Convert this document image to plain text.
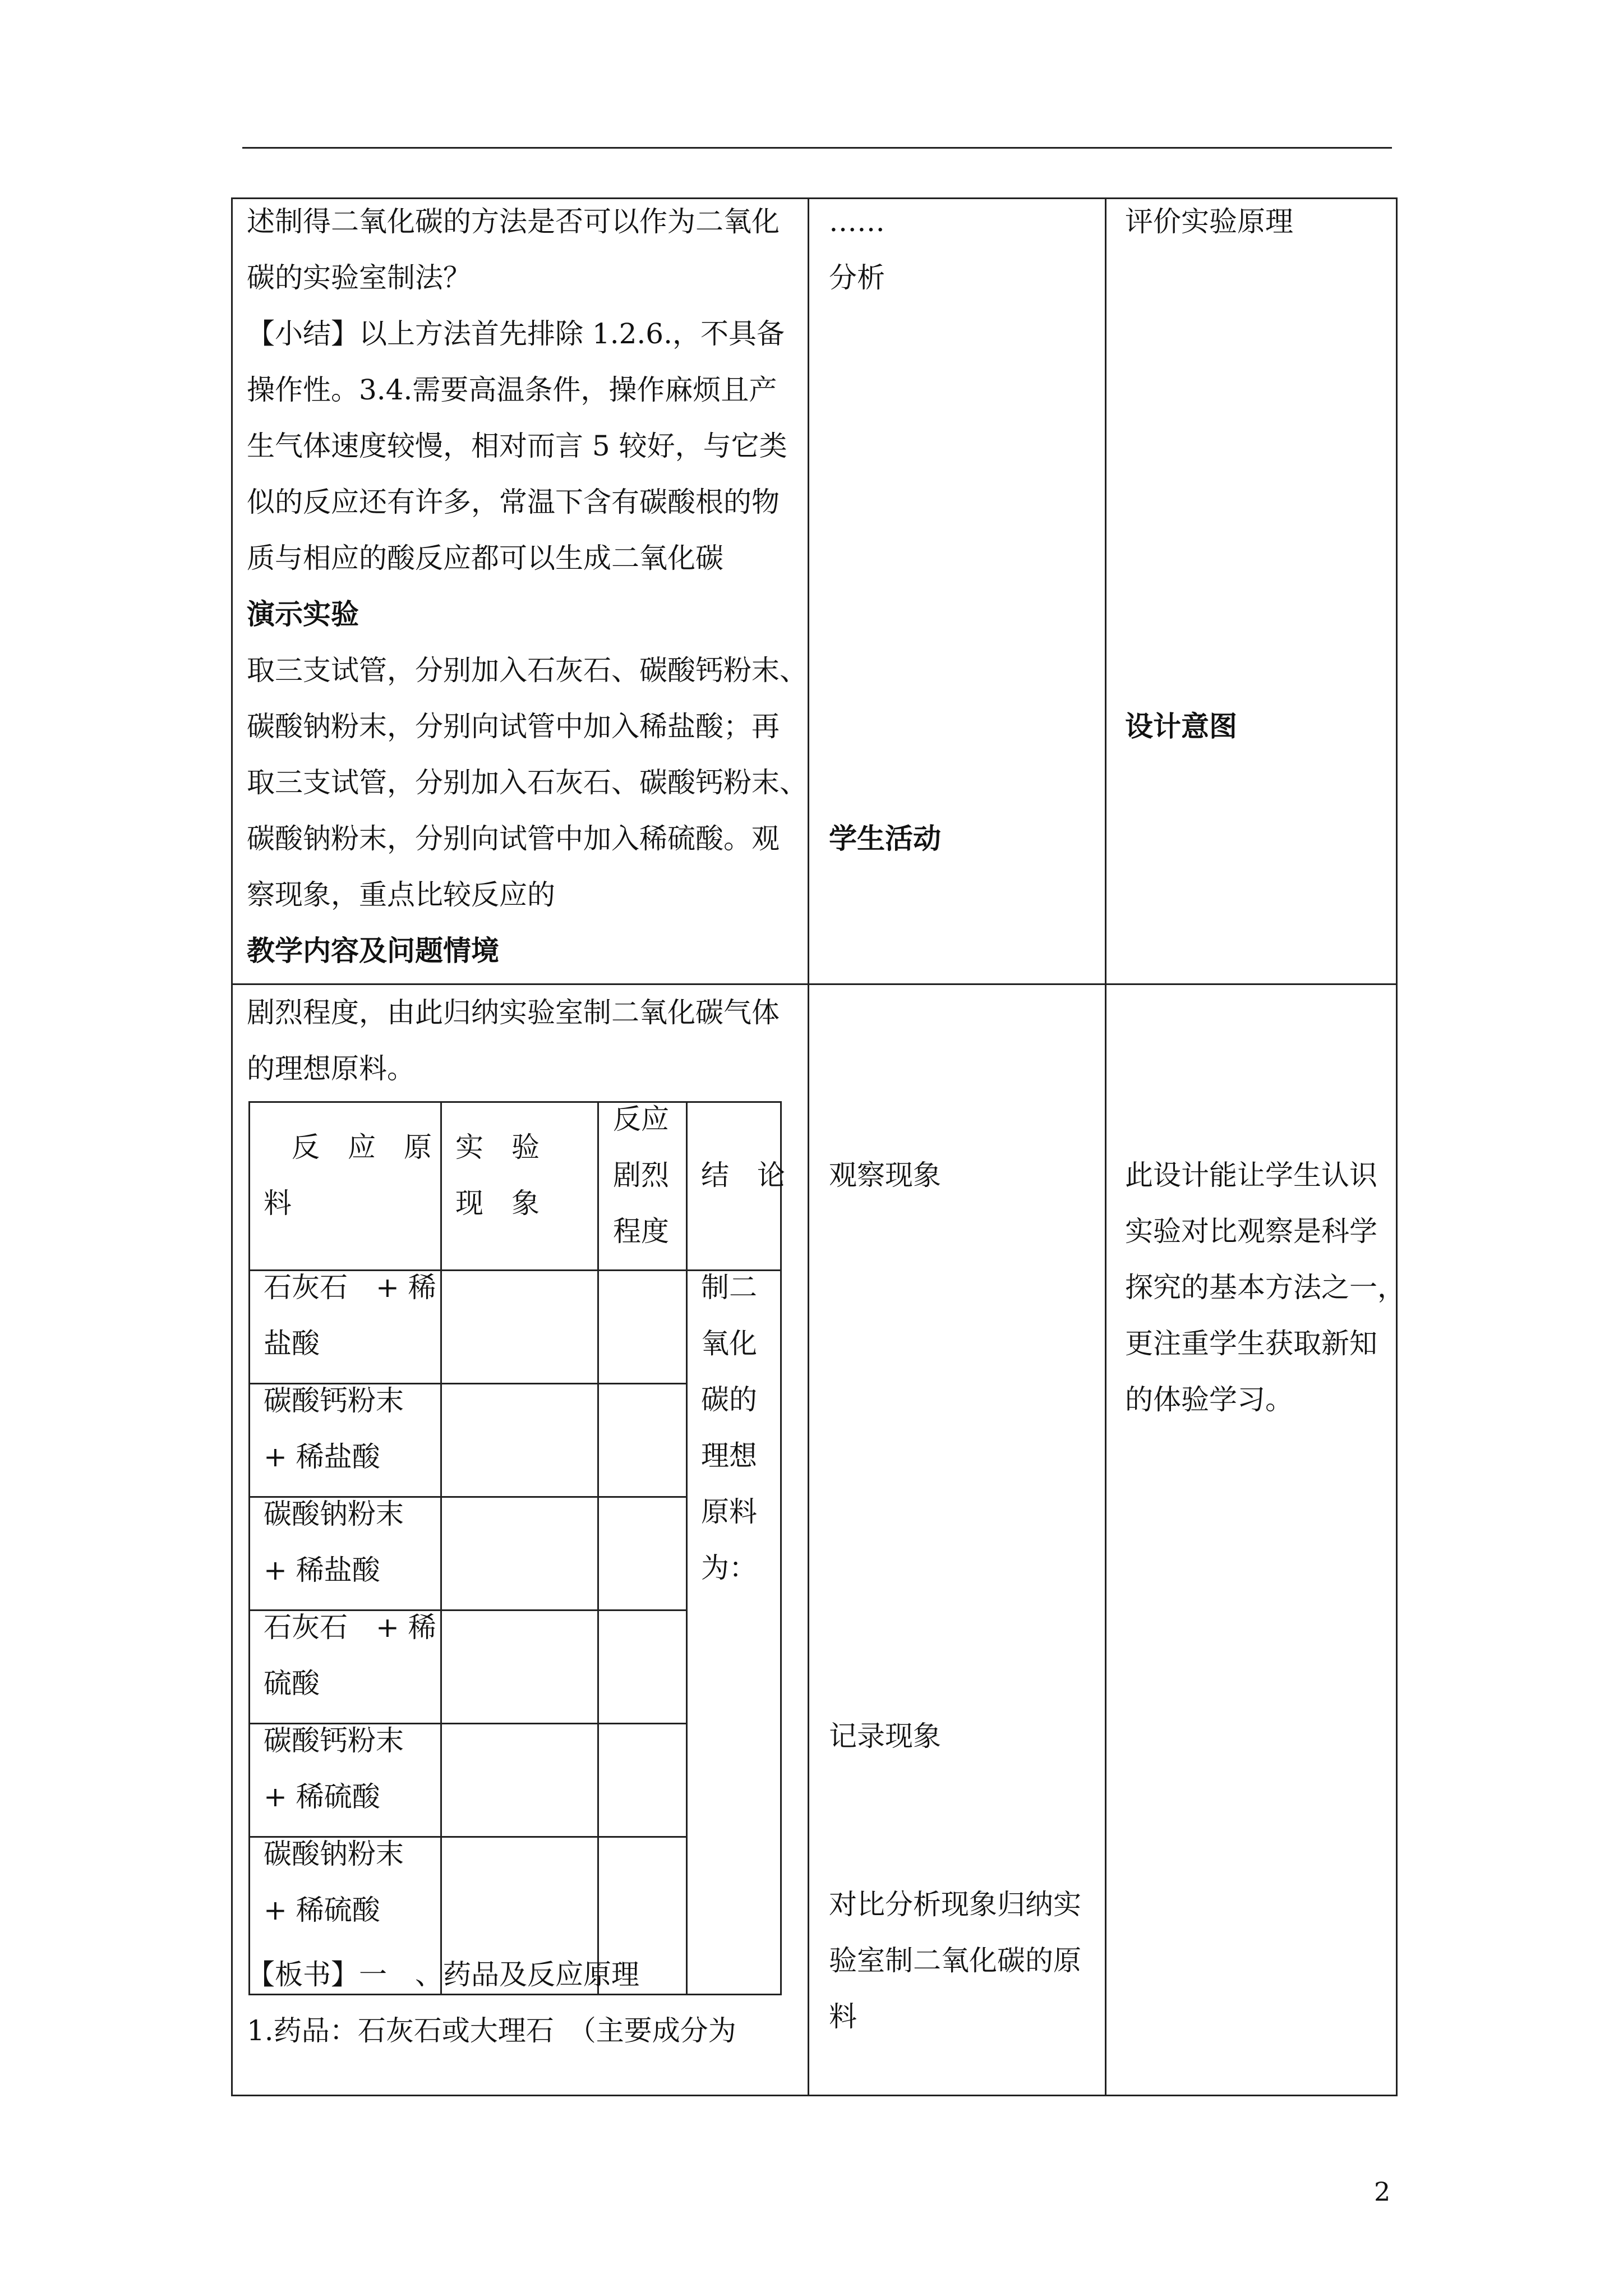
述制得二氧化碳的方法是否可以作为二氧化
碳的实验室制法？
【小结】以上方法首先排除 1.2.6.，不具备
操作性。3.4.需要高温条件，操作麻烦且产
生气体速度较慢，相对而言 5 较好，与它类
似的反应还有许多，常温下含有碳酸根的物
质与相应的酸反应都可以生成二氧化碳
演示实验
取三支试管，分别加入石灰石、碳酸钙粉末、
碳酸钠粉末，分别向试管中加入稀盐酸；再
取三支试管，分别加入石灰石、碳酸钙粉末、
碳酸钠粉末，分别向试管中加入稀硫酸。观
察现象，重点比较反应的
教学内容及问题情境
……
分析
学生活动
评价实验原理
设计意图
剧烈程度，由此归纳实验室制二氧化碳气体
的理想原料。
反　应　原
料
实　验
现　象
反应
剧烈
程度
结　论
石灰石　+ 稀
盐酸
碳酸钙粉末
+ 稀盐酸
碳酸钠粉末
+ 稀盐酸
石灰石　+ 稀
硫酸
碳酸钙粉末
+ 稀硫酸
碳酸钠粉末
+ 稀硫酸
制二
氧化
碳的
理想
原料
为：
【板书】一　、药品及反应原理
1.药品：石灰石或大理石　（主要成分为
观察现象
记录现象
对比分析现象归纳实
验室制二氧化碳的原
料
此设计能让学生认识
实验对比观察是科学
探究的基本方法之一，
更注重学生获取新知
的体验学习。
2
